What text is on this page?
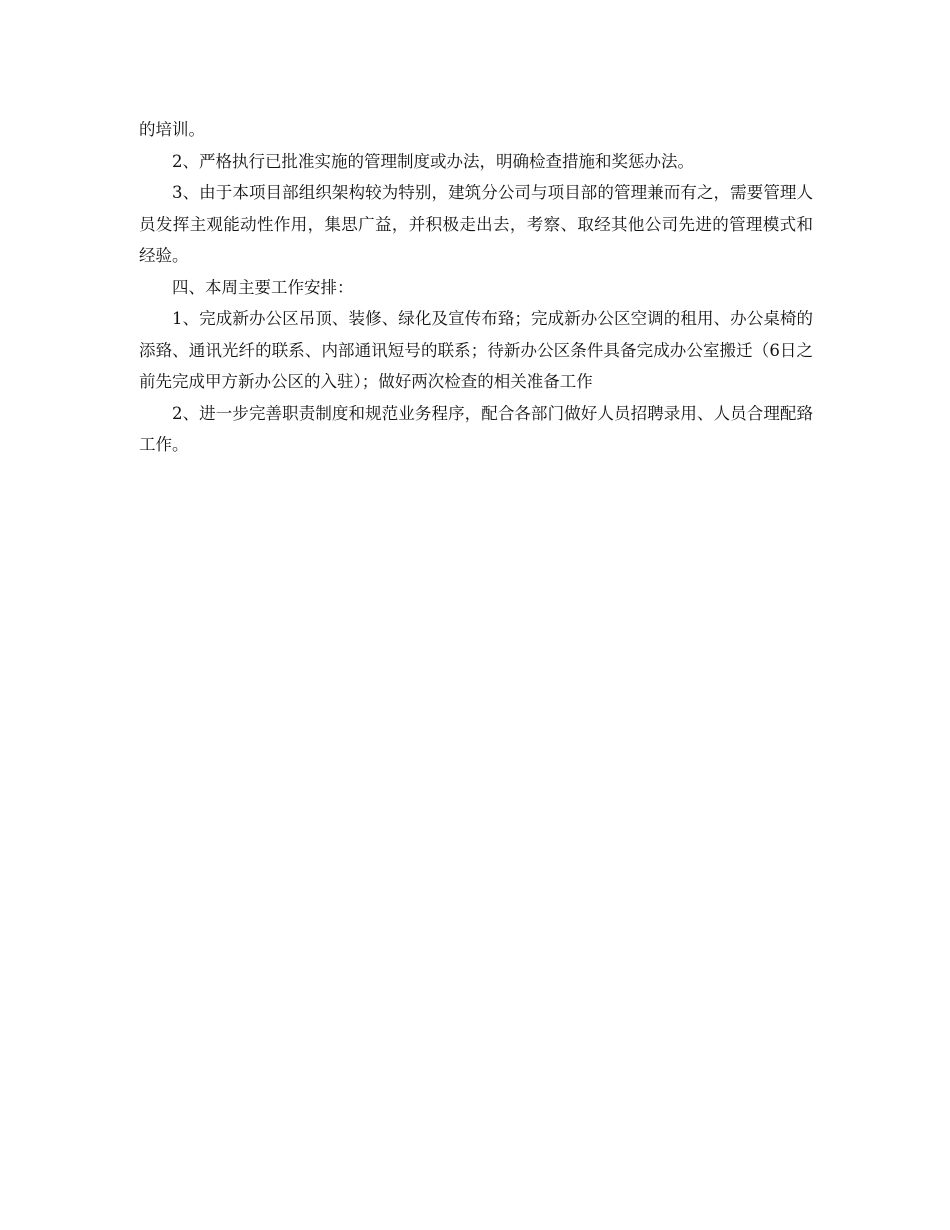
的培训。

2、严格执行已批准实施的管理制度或办法，明确检查措施和奖惩办法。

3、由于本项目部组织架构较为特别，建筑分公司与项目部的管理兼而有之，需要管理人员发挥主观能动性作用，集思广益，并积极走出去，考察、取经其他公司先进的管理模式和经验。

四、本周主要工作安排：

1、完成新办公区吊顶、装修、绿化及宣传布臵；完成新办公区空调的租用、办公桌椅的添臵、通讯光纤的联系、内部通讯短号的联系；待新办公区条件具备完成办公室搬迁（6日之前先完成甲方新办公区的入驻）；做好两次检查的相关准备工作

2、进一步完善职责制度和规范业务程序，配合各部门做好人员招聘录用、人员合理配臵工作。
